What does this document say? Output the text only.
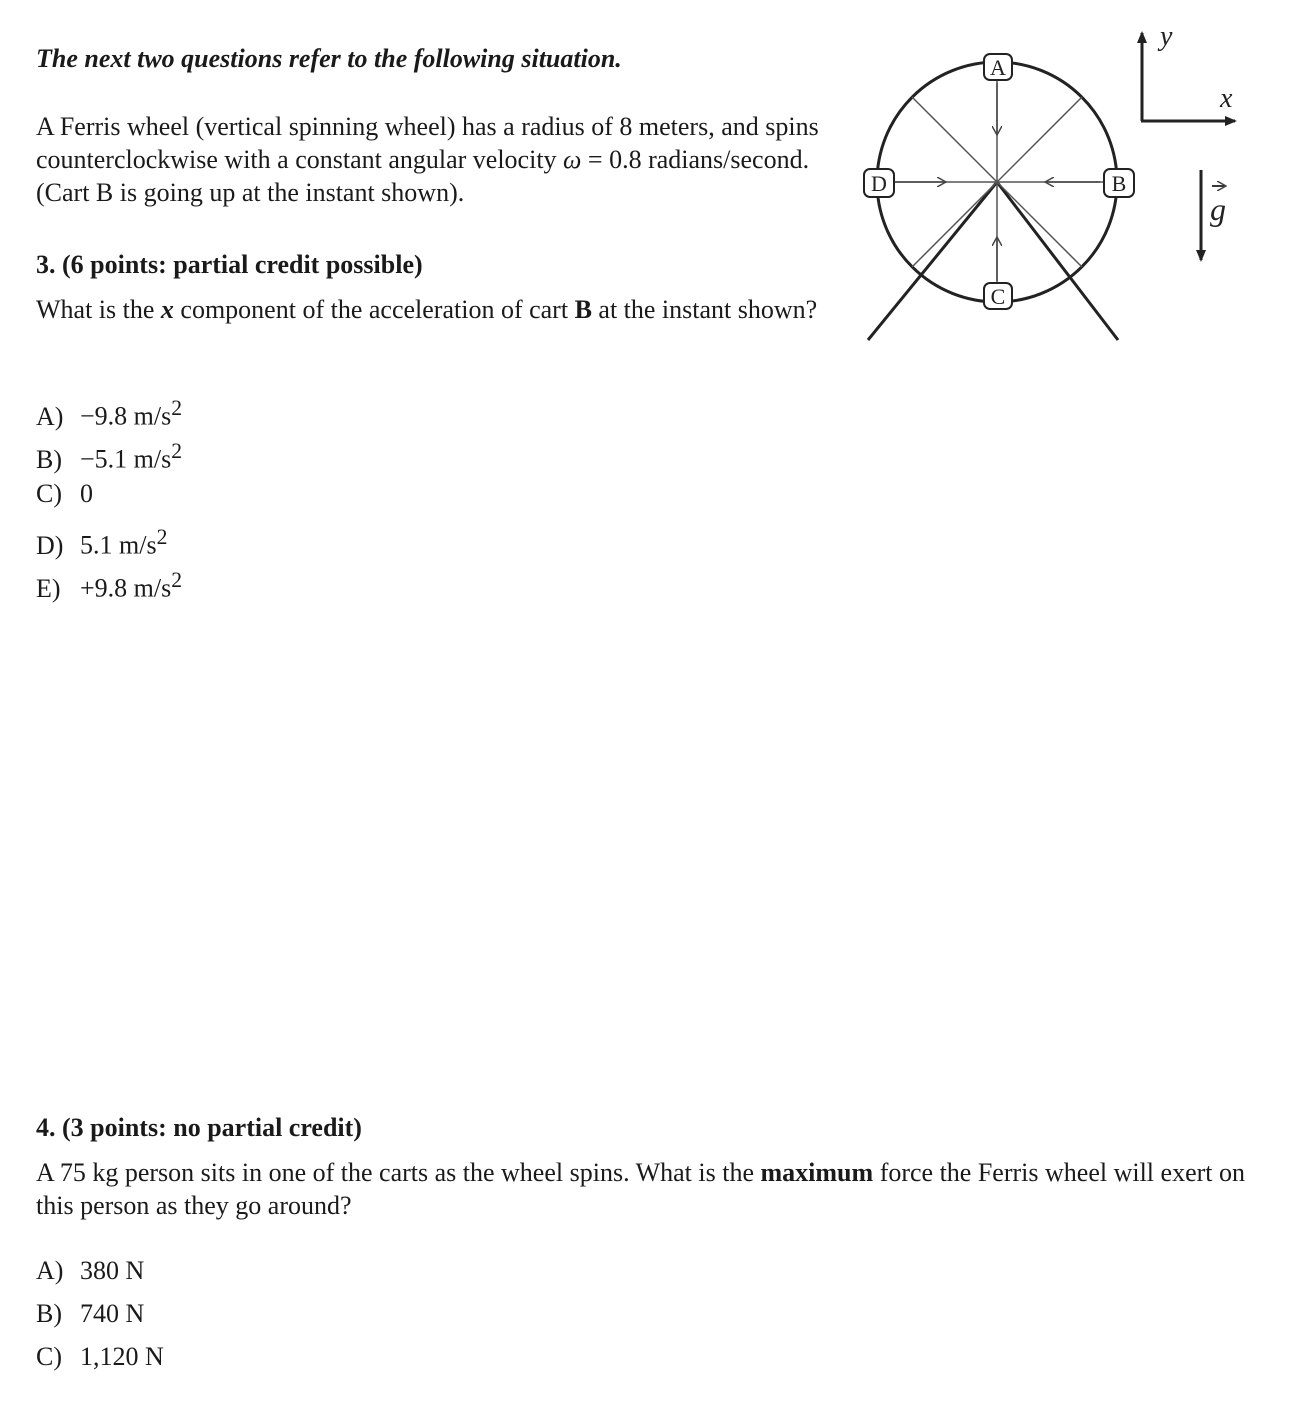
The next two questions refer to the following situation.
A Ferris wheel (vertical spinning wheel) has a radius of 8 meters, and spins counterclockwise with a constant angular velocity ω = 0.8 radians/second. (Cart B is going up at the instant shown).
A
B
C
D
y
x
g
3. (6 points: partial credit possible)
What is the x component of the acceleration of cart B at the instant shown?
A) −9.8 $m/s^2$
B) −5.1 $m/s^2$
C) 0
D) 5.1 $m/s^2$
E) +9.8 $m/s^2$
4. (3 points: no partial credit)
A 75 kg person sits in one of the carts as the wheel spins. What is the maximum force the Ferris wheel will exert on this person as they go around?
A) 380 N
B) 740 N
C) 1,120 N
